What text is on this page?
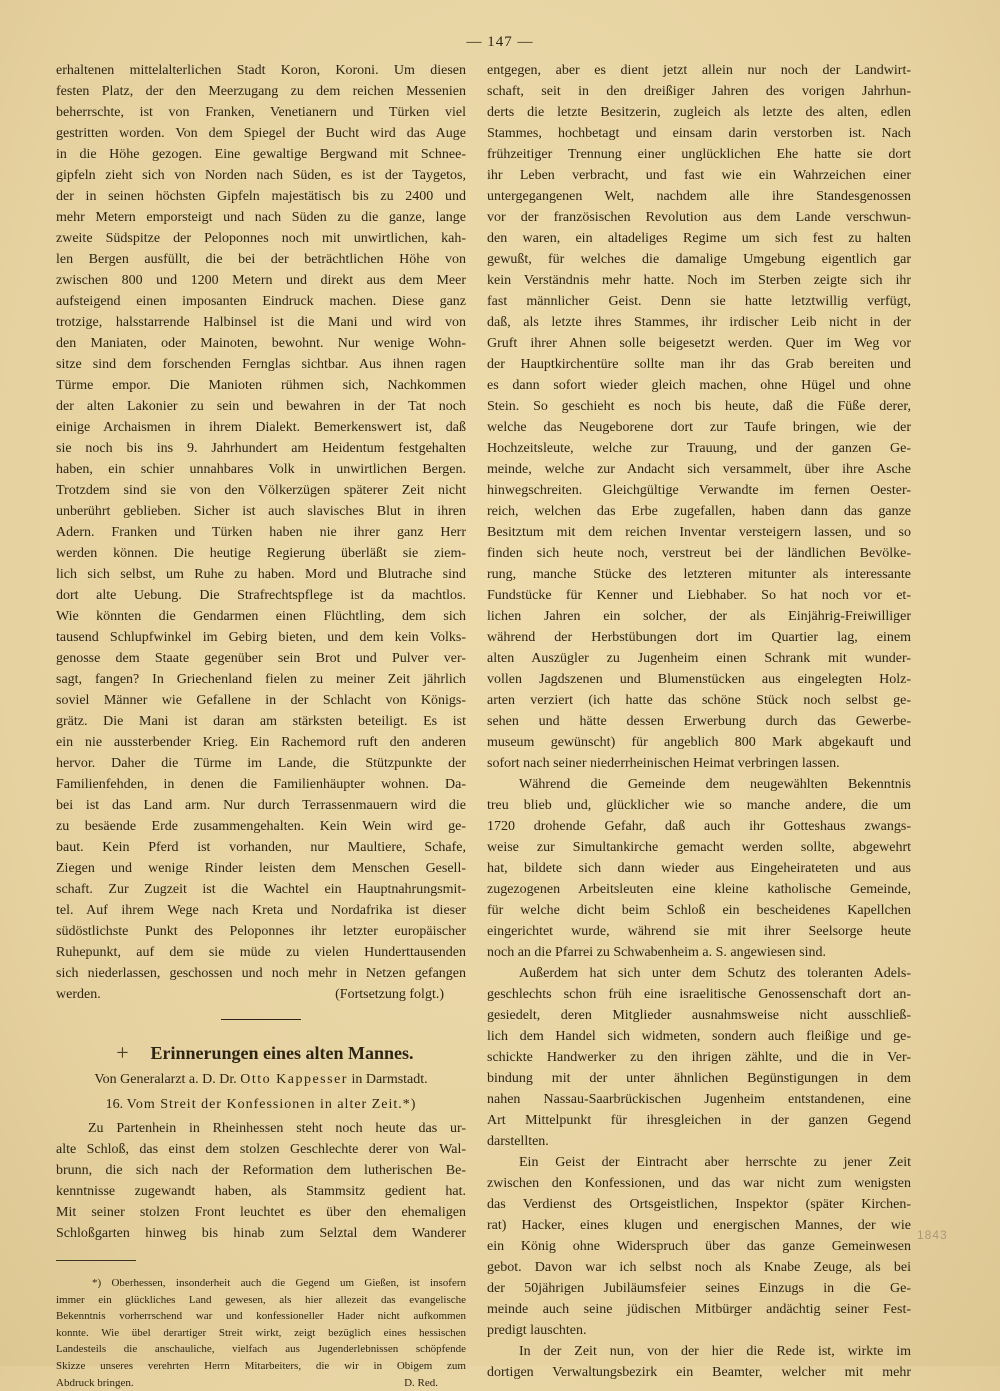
— 147 —
erhaltenen mittelalterlichen Stadt Koron, Koroni. Um diesen
festen Platz, der den Meerzugang zu dem reichen Messenien
beherrschte, ist von Franken, Venetianern und Türken viel
gestritten worden. Von dem Spiegel der Bucht wird das Auge
in die Höhe gezogen. Eine gewaltige Bergwand mit Schnee-
gipfeln zieht sich von Norden nach Süden, es ist der Taygetos,
der in seinen höchsten Gipfeln majestätisch bis zu 2400 und
mehr Metern emporsteigt und nach Süden zu die ganze, lange
zweite Südspitze der Peloponnes noch mit unwirtlichen, kah-
len Bergen ausfüllt, die bei der beträchtlichen Höhe von
zwischen 800 und 1200 Metern und direkt aus dem Meer
aufsteigend einen imposanten Eindruck machen. Diese ganz
trotzige, halsstarrende Halbinsel ist die Mani und wird von
den Maniaten, oder Mainoten, bewohnt. Nur wenige Wohn-
sitze sind dem forschenden Fernglas sichtbar. Aus ihnen ragen
Türme empor. Die Manioten rühmen sich, Nachkommen
der alten Lakonier zu sein und bewahren in der Tat noch
einige Archaismen in ihrem Dialekt. Bemerkenswert ist, daß
sie noch bis ins 9. Jahrhundert am Heidentum festgehalten
haben, ein schier unnahbares Volk in unwirtlichen Bergen.
Trotzdem sind sie von den Völkerzügen späterer Zeit nicht
unberührt geblieben. Sicher ist auch slavisches Blut in ihren
Adern. Franken und Türken haben nie ihrer ganz Herr
werden können. Die heutige Regierung überläßt sie ziem-
lich sich selbst, um Ruhe zu haben. Mord und Blutrache sind
dort alte Uebung. Die Strafrechtspflege ist da machtlos.
Wie könnten die Gendarmen einen Flüchtling, dem sich
tausend Schlupfwinkel im Gebirg bieten, und dem kein Volks-
genosse dem Staate gegenüber sein Brot und Pulver ver-
sagt, fangen? In Griechenland fielen zu meiner Zeit jährlich
soviel Männer wie Gefallene in der Schlacht von Königs-
grätz. Die Mani ist daran am stärksten beteiligt. Es ist
ein nie aussterbender Krieg. Ein Rachemord ruft den anderen
hervor. Daher die Türme im Lande, die Stützpunkte der
Familienfehden, in denen die Familienhäupter wohnen. Da-
bei ist das Land arm. Nur durch Terrassenmauern wird die
zu besäende Erde zusammengehalten. Kein Wein wird ge-
baut. Kein Pferd ist vorhanden, nur Maultiere, Schafe,
Ziegen und wenige Rinder leisten dem Menschen Gesell-
schaft. Zur Zugzeit ist die Wachtel ein Hauptnahrungsmit-
tel. Auf ihrem Wege nach Kreta und Nordafrika ist dieser
südöstlichste Punkt des Peloponnes ihr letzter europäischer
Ruhepunkt, auf dem sie müde zu vielen Hunderttausenden
sich niederlassen, geschossen und noch mehr in Netzen gefangen
werden.	(Fortsetzung folgt.)
+	Erinnerungen eines alten Mannes.
Von Generalarzt a. D. Dr. Otto Kappesser in Darmstadt.
16. Vom Streit der Konfessionen in alter Zeit.*)
Zu Partenhein in Rheinhessen steht noch heute das ur-
alte Schloß, das einst dem stolzen Geschlechte derer von Wal-
brunn, die sich nach der Reformation dem lutherischen Be-
kenntnisse zugewandt haben, als Stammsitz gedient hat.
Mit seiner stolzen Front leuchtet es über den ehemaligen
Schloßgarten hinweg bis hinab zum Selztal dem Wanderer
*) Oberhessen, insonderheit auch die Gegend um Gießen, ist insofern
immer ein glückliches Land gewesen, als hier allezeit das evangelische
Bekenntnis vorherrschend war und konfessioneller Hader nicht aufkommen
konnte. Wie übel derartiger Streit wirkt, zeigt bezüglich eines hessischen
Landesteils die anschauliche, vielfach aus Jugenderlebnissen schöpfende
Skizze unseres verehrten Herrn Mitarbeiters, die wir in Obigem zum
Abdruck bringen.	D. Red.
entgegen, aber es dient jetzt allein nur noch der Landwirt-
schaft, seit in den dreißiger Jahren des vorigen Jahrhun-
derts die letzte Besitzerin, zugleich als letzte des alten, edlen
Stammes, hochbetagt und einsam darin verstorben ist. Nach
frühzeitiger Trennung einer unglücklichen Ehe hatte sie dort
ihr Leben verbracht, und fast wie ein Wahrzeichen einer
untergegangenen Welt, nachdem alle ihre Standesgenossen
vor der französischen Revolution aus dem Lande verschwun-
den waren, ein altadeliges Regime um sich fest zu halten
gewußt, für welches die damalige Umgebung eigentlich gar
kein Verständnis mehr hatte. Noch im Sterben zeigte sich ihr
fast männlicher Geist. Denn sie hatte letztwillig verfügt,
daß, als letzte ihres Stammes, ihr irdischer Leib nicht in der
Gruft ihrer Ahnen solle beigesetzt werden. Quer im Weg vor
der Hauptkirchentüre sollte man ihr das Grab bereiten und
es dann sofort wieder gleich machen, ohne Hügel und ohne
Stein. So geschieht es noch bis heute, daß die Füße derer,
welche das Neugeborene dort zur Taufe bringen, wie der
Hochzeitsleute, welche zur Trauung, und der ganzen Ge-
meinde, welche zur Andacht sich versammelt, über ihre Asche
hinwegschreiten. Gleichgültige Verwandte im fernen Oester-
reich, welchen das Erbe zugefallen, haben dann das ganze
Besitztum mit dem reichen Inventar versteigern lassen, und so
finden sich heute noch, verstreut bei der ländlichen Bevölke-
rung, manche Stücke des letzteren mitunter als interessante
Fundstücke für Kenner und Liebhaber. So hat noch vor et-
lichen Jahren ein solcher, der als Einjährig-Freiwilliger
während der Herbstübungen dort im Quartier lag, einem
alten Auszügler zu Jugenheim einen Schrank mit wunder-
vollen Jagdszenen und Blumenstücken aus eingelegten Holz-
arten verziert (ich hatte das schöne Stück noch selbst ge-
sehen und hätte dessen Erwerbung durch das Gewerbe-
museum gewünscht) für angeblich 800 Mark abgekauft und
sofort nach seiner niederrheinischen Heimat verbringen lassen.
Während die Gemeinde dem neugewählten Bekenntnis
treu blieb und, glücklicher wie so manche andere, die um
1720 drohende Gefahr, daß auch ihr Gotteshaus zwangs-
weise zur Simultankirche gemacht werden sollte, abgewehrt
hat, bildete sich dann wieder aus Eingeheirateten und aus
zugezogenen Arbeitsleuten eine kleine katholische Gemeinde,
für welche dicht beim Schloß ein bescheidenes Kapellchen
eingerichtet wurde, während sie mit ihrer Seelsorge heute
noch an die Pfarrei zu Schwabenheim a. S. angewiesen sind.
Außerdem hat sich unter dem Schutz des toleranten Adels-
geschlechts schon früh eine israelitische Genossenschaft dort an-
gesiedelt, deren Mitglieder ausnahmsweise nicht ausschließ-
lich dem Handel sich widmeten, sondern auch fleißige und ge-
schickte Handwerker zu den ihrigen zählte, und die in Ver-
bindung mit der unter ähnlichen Begünstigungen in dem
nahen Nassau-Saarbrückischen Jugenheim entstandenen, eine
Art Mittelpunkt für ihresgleichen in der ganzen Gegend
darstellten.
Ein Geist der Eintracht aber herrschte zu jener Zeit
zwischen den Konfessionen, und das war nicht zum wenigsten
das Verdienst des Ortsgeistlichen, Inspektor (später Kirchen-
rat) Hacker, eines klugen und energischen Mannes, der wie
ein König ohne Widerspruch über das ganze Gemeinwesen
gebot. Davon war ich selbst noch als Knabe Zeuge, als bei
der 50jährigen Jubiläumsfeier seines Einzugs in die Ge-
meinde auch seine jüdischen Mitbürger andächtig seiner Fest-
predigt lauschten.
In der Zeit nun, von der hier die Rede ist, wirkte im
dortigen Verwaltungsbezirk ein Beamter, welcher mit mehr
1843
